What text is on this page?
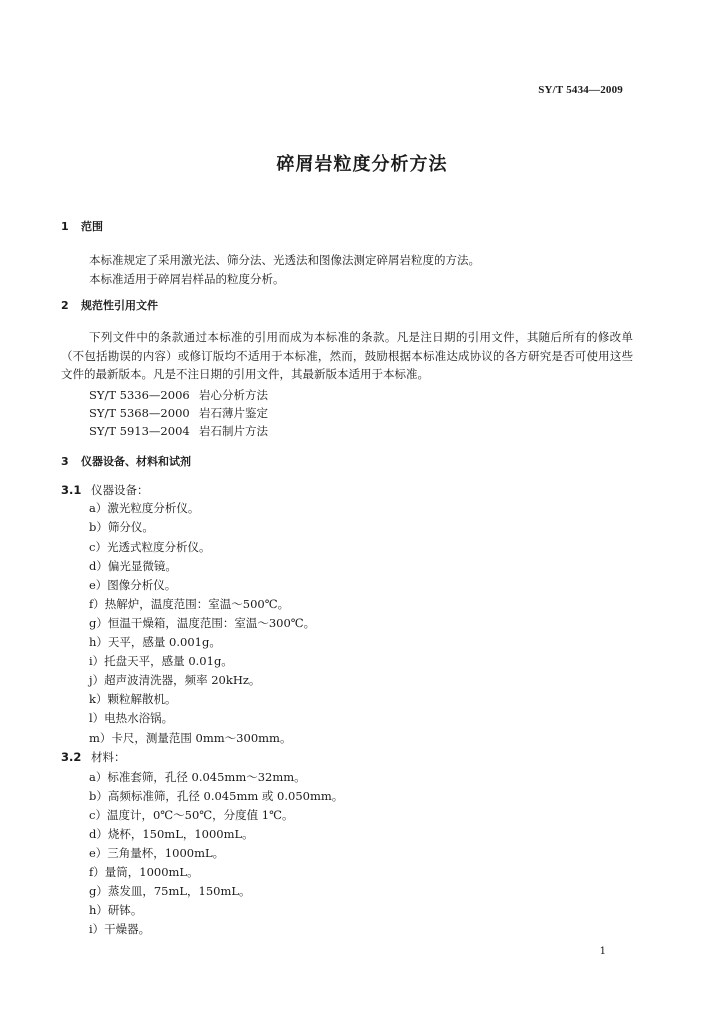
SY/T 5434—2009
碎屑岩粒度分析方法
1 范围
本标准规定了采用激光法、筛分法、光透法和图像法测定碎屑岩粒度的方法。
本标准适用于碎屑岩样品的粒度分析。
2 规范性引用文件
下列文件中的条款通过本标准的引用而成为本标准的条款。凡是注日期的引用文件，其随后所有的修改单（不包括勘误的内容）或修订版均不适用于本标准，然而，鼓励根据本标准达成协议的各方研究是否可使用这些文件的最新版本。凡是不注日期的引用文件，其最新版本适用于本标准。
SY/T 5336—2006 岩心分析方法
SY/T 5368—2000 岩石薄片鉴定
SY/T 5913—2004 岩石制片方法
3 仪器设备、材料和试剂
3.1 仪器设备：
a）激光粒度分析仪。
b）筛分仪。
c）光透式粒度分析仪。
d）偏光显微镜。
e）图像分析仪。
f）热解炉，温度范围：室温～500℃。
g）恒温干燥箱，温度范围：室温～300℃。
h）天平，感量 0.001g。
i）托盘天平，感量 0.01g。
j）超声波清洗器，频率 20kHz。
k）颗粒解散机。
l）电热水浴锅。
m）卡尺，测量范围 0mm～300mm。
3.2 材料：
a）标准套筛，孔径 0.045mm～32mm。
b）高频标准筛，孔径 0.045mm 或 0.050mm。
c）温度计，0℃～50℃，分度值 1℃。
d）烧杯，150mL，1000mL。
e）三角量杯，1000mL。
f）量筒，1000mL。
g）蒸发皿，75mL，150mL。
h）研钵。
i）干燥器。
1
